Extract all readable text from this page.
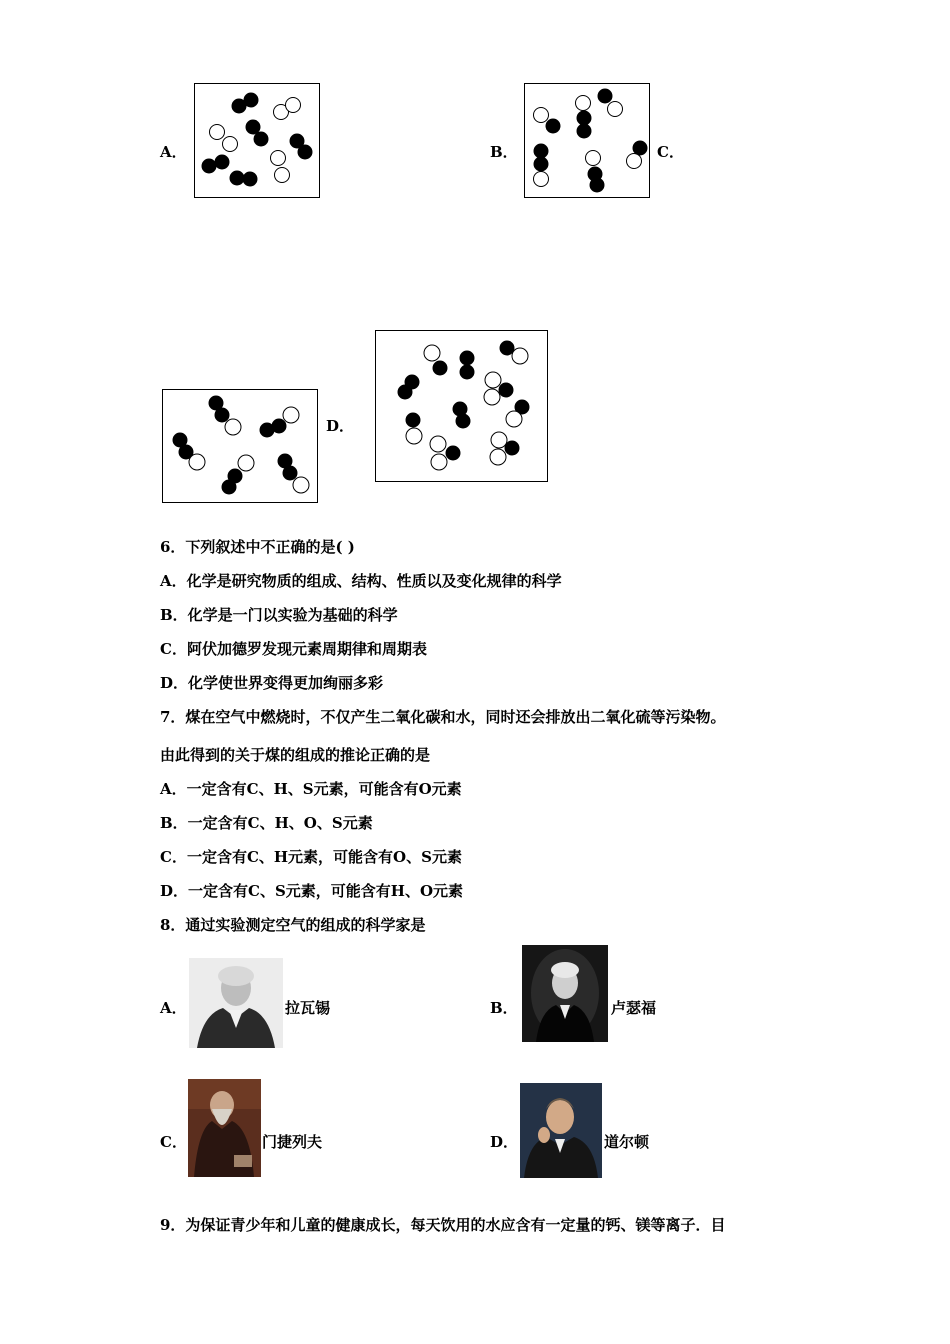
A．	B．	C．
D．
6．下列叙述中不正确的是( )
A．化学是研究物质的组成、结构、性质以及变化规律的科学
B．化学是一门以实验为基础的科学
C．阿伏加德罗发现元素周期律和周期表
D．化学使世界变得更加绚丽多彩
7．煤在空气中燃烧时，不仅产生二氧化碳和水，同时还会排放出二氧化硫等污染物。
由此得到的关于煤的组成的推论正确的是
A．一定含有C、H、S元素，可能含有O元素
B．一定含有C、H、O、S元素
C．一定含有C、H元素，可能含有O、S元素
D．一定含有C、S元素，可能含有H、O元素
8．通过实验测定空气的组成的科学家是
A．	拉瓦锡	B．	卢瑟福
C．	门捷列夫	D．	道尔顿
9．为保证青少年和儿童的健康成长，每天饮用的水应含有一定量的钙、镁等离子．目
